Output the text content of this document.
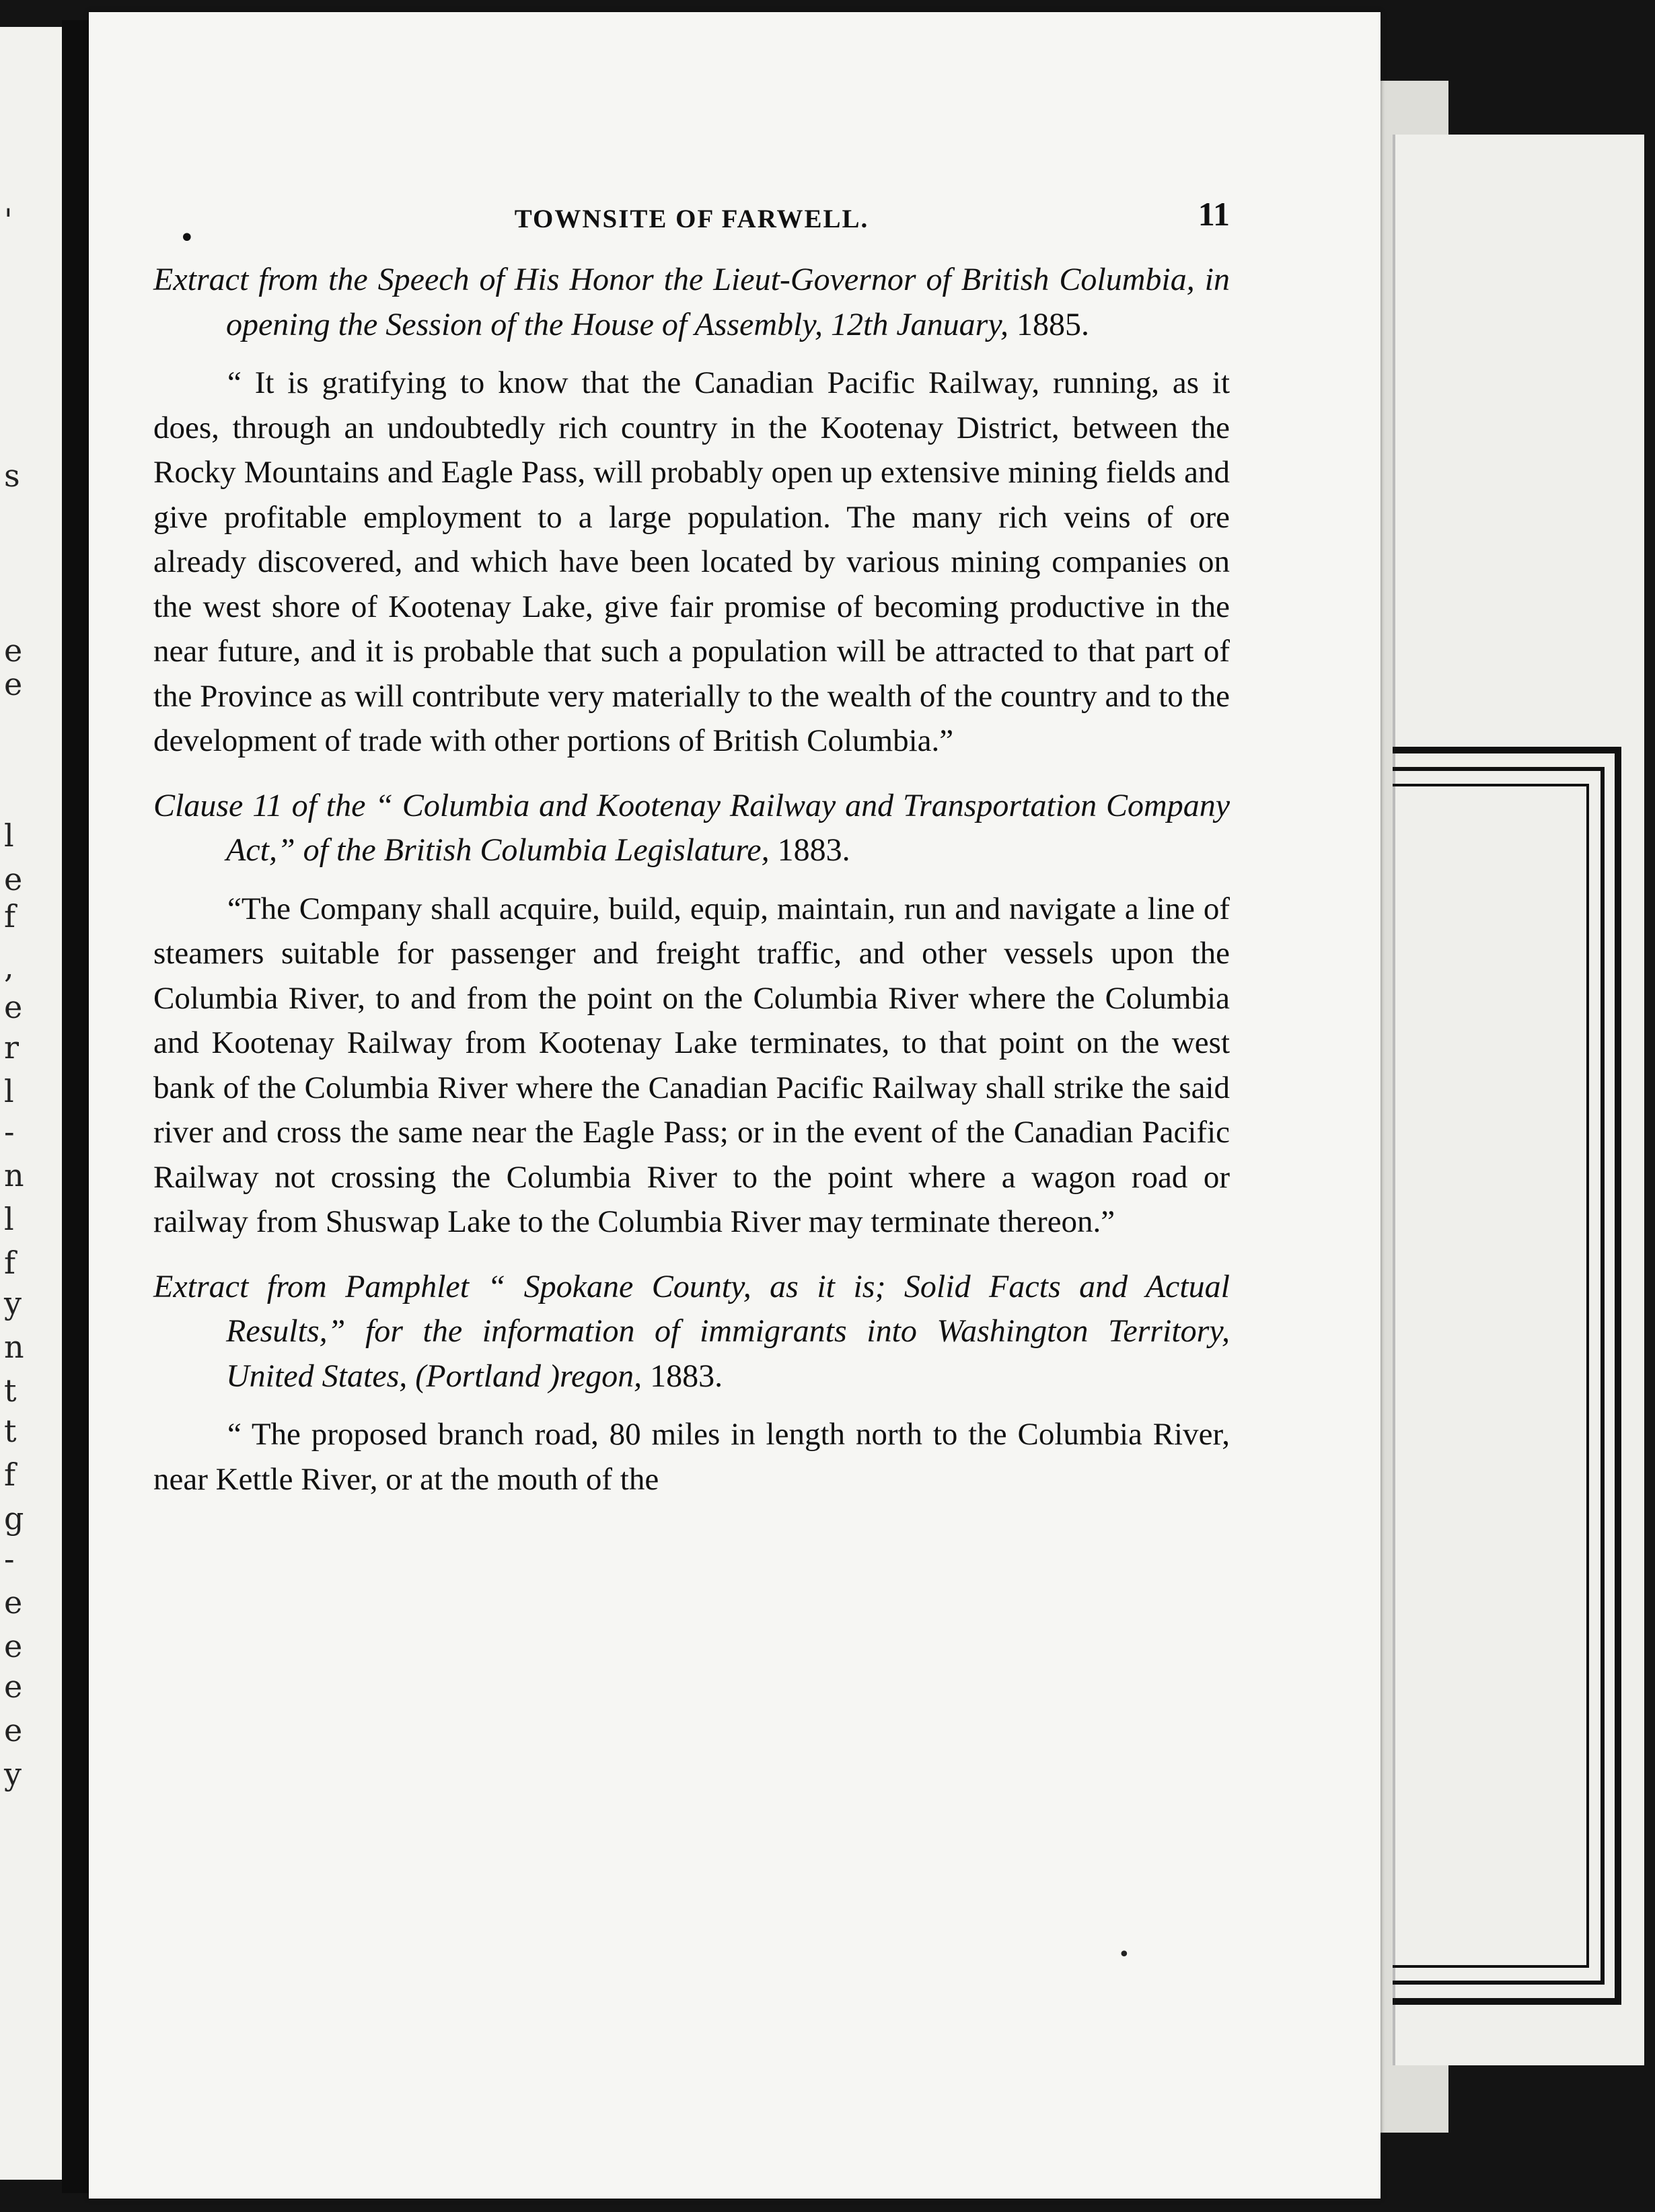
'
s
e
e
l
e
f
,
e
r
l
-
n
l
f
y
n
t
t
f
g
-
e
e
e
e
y
•
TOWNSITE OF FARWELL.	11

Extract from the Speech of His Honor the Lieut-Governor of British Columbia, in opening the Session of the House of Assembly, 12th January, 1885.

“ It is gratifying to know that the Canadian Pacific Railway, running, as it does, through an undoubtedly rich country in the Kootenay District, between the Rocky Mountains and Eagle Pass, will probably open up extensive mining fields and give profitable employment to a large population. The many rich veins of ore already discovered, and which have been located by various mining companies on the west shore of Kootenay Lake, give fair promise of becoming productive in the near future, and it is probable that such a population will be attracted to that part of the Province as will contribute very materially to the wealth of the country and to the development of trade with other portions of British Columbia.”

Clause 11 of the “ Columbia and Kootenay Railway and Transportation Company Act,” of the British Columbia Legislature, 1883.

“The Company shall acquire, build, equip, maintain, run and navigate a line of steamers suitable for passenger and freight traffic, and other vessels upon the Columbia River, to and from the point on the Columbia River where the Columbia and Kootenay Railway from Kootenay Lake terminates, to that point on the west bank of the Columbia River where the Canadian Pacific Railway shall strike the said river and cross the same near the Eagle Pass; or in the event of the Canadian Pacific Railway not crossing the Columbia River to the point where a wagon road or railway from Shuswap Lake to the Columbia River may terminate thereon.”

Extract from Pamphlet “ Spokane County, as it is; Solid Facts and Actual Results,” for the information of immigrants into Washington Territory, United States, (Portland )regon, 1883.

“ The proposed branch road, 80 miles in length north to the Columbia River, near Kettle River, or at the mouth of the

•
